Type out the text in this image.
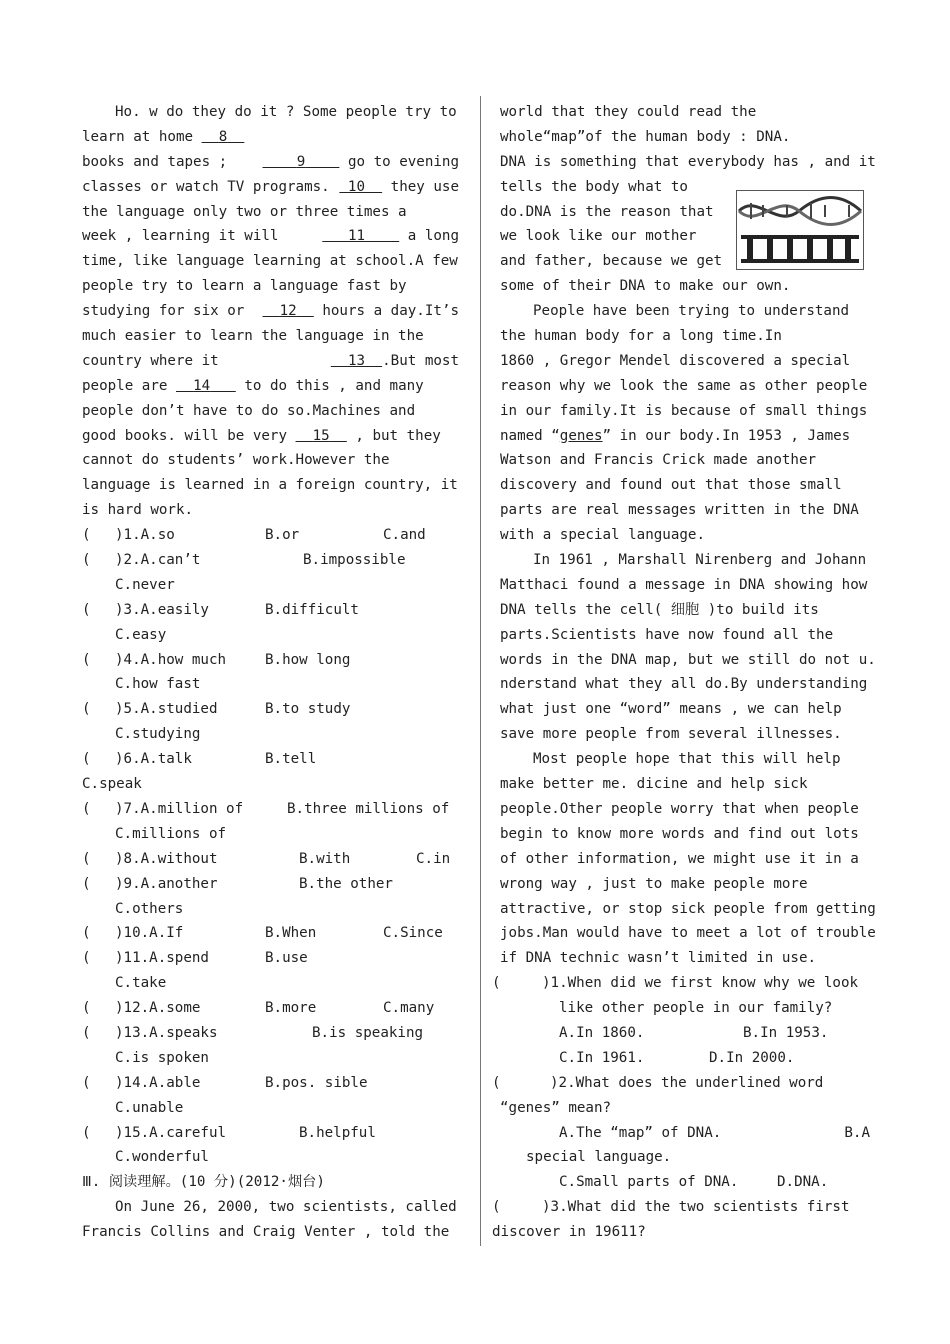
Ho. w do they do it ? Some people try to
learn at home
	8
books and tapes ;	9	go to evening
classes or watch TV programs.	10 they use
the language only two or three times a
week , learning it will	11	a long
time, like language learning at school.A few
people try to learn a language fast by
studying for six or	12 hours a day.It’s
much easier to learn the language in the
country where it	13 .But most
people are
	14
	to do this , and many
people don’t have to do so.Machines and
good books. will be very
	15
	, but they
cannot do students’ work.However the
language is learned in a foreign country, it
is hard work.
(	)1.A.so	B.or	C.and
(	)2.A.can’t	B.impossible
C.never
(	)3.A.easily	B.difficult
C.easy
(	)4.A.how much	B.how long
C.how fast
(	)5.A.studied	B.to study
C.studying
(	)6.A.talk	B.tell
C.speak
(	)7.A.million of	B.three millions of
C.millions of
(	)8.A.without	B.with	C.in
(	)9.A.another	B.the other
C.others
(	)10.A.If	B.When	C.Since
(	)11.A.spend	B.use
C.take
(	)12.A.some	B.more	C.many
(	)13.A.speaks	B.is speaking
C.is spoken
(	)14.A.able	B.pos. sible
C.unable
(	)15.A.careful	B.helpful
C.wonderful
Ⅲ. 阅读理解。(10 分)(2012·烟台)
On June 26, 2000, two scientists, called
Francis Collins and Craig Venter , told the
world that they could read the
whole“map”of the human body : DNA.
DNA is something that everybody has , and it
tells the body what to
do.DNA is the reason that
we look like our mother
and father, because we get
some of their DNA to make our own.
People have been trying to understand
the human body for a long time.In
1860 , Gregor Mendel discovered a special
reason why we look the same as other people
in our family.It is because of small things
named “ genes ” in our body.In 1953 , James
Watson and Francis Crick made another
discovery and found out that those small
parts are real messages written in the DNA
with a special language.
In 1961 , Marshall Nirenberg and Johann
Matthaci found a message in DNA showing how
DNA tells the cell( 细胞 )to build its
parts.Scientists have now found all the
words in the DNA map, but we still do not u.
nderstand what they all do.By understanding
what just one “word” means , we can help
save more people from several illnesses.
Most people hope that this will help
make better me. dicine and help sick
people.Other people worry that when people
begin to know more words and find out lots
of other information, we might use it in a
wrong way , just to make people more
attractive, or stop sick people from getting
jobs.Man would have to meet a lot of trouble
if DNA technic wasn’t limited in use.
(	)1.When did we first know why we look
like other people in our family?
A.In 1860.	B.In 1953.
C.In 1961.	D.In 2000.
(	)2.What does the underlined word
“genes” mean?
A.The “map” of DNA.	B.A
special language.
C.Small parts of DNA.	D.DNA.
(	)3.What did the two scientists first
discover in 19611?
